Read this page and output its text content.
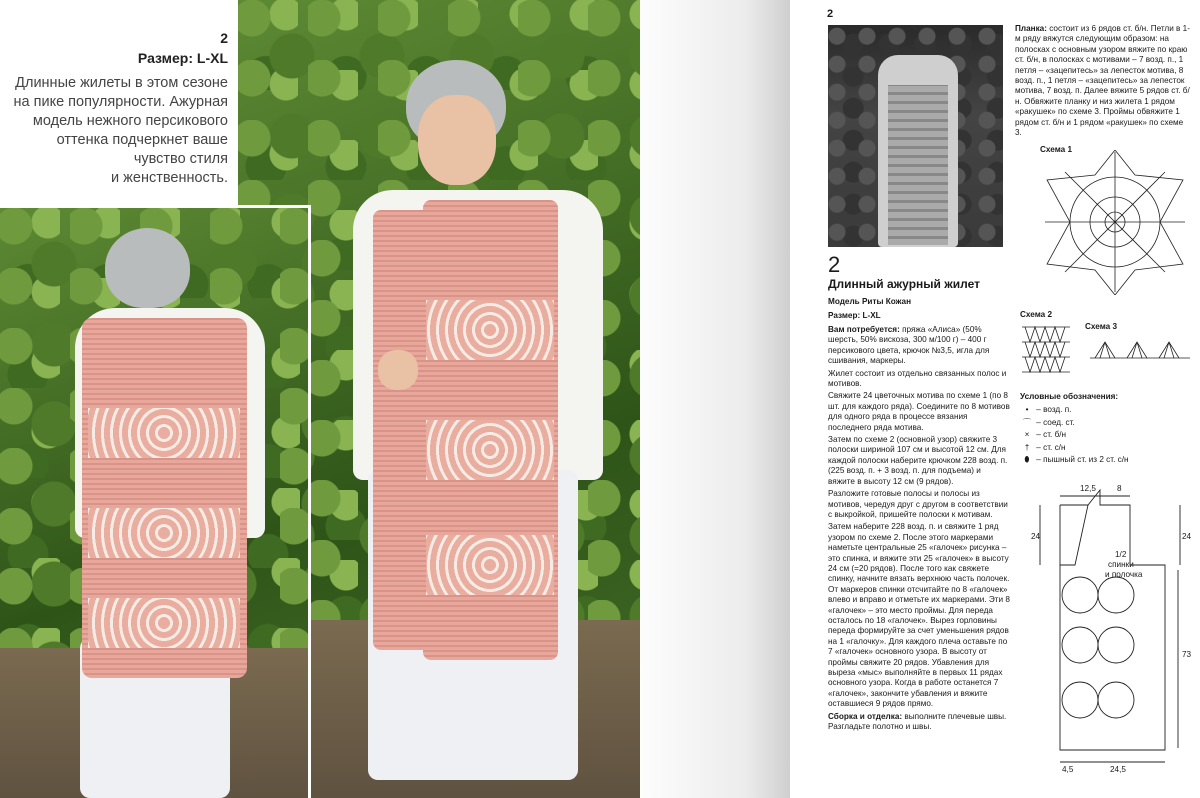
2
Размер: L-XL
Длинные жилеты в этом сезоне
на пике популярности. Ажурная
модель нежного персикового
оттенка подчеркнет ваше
чувство стиля
и женственность.
2
Планка: состоит из 6 рядов ст. б/н. Петли в 1-м ряду вяжутся следующим образом: на полосках с основным узором вяжите по краю ст. б/н, в полосках с мотивами – 7 возд. п., 1 петля – «зацепитесь» за лепесток мотива, 8 возд. п., 1 петля – «зацепитесь» за лепесток мотива, 7 возд. п. Далее вяжите 5 рядов ст. б/н. Обвяжите планку и низ жилета 1 рядом «ракушек» по схеме 3. Проймы обвяжите 1 рядом ст. б/н и 1 рядом «ракушек» по схеме 3.
Схема 1
Схема 2
Схема 3
2
Длинный ажурный жилет
Модель Риты Кожан
Размер: L-XL
Вам потребуется: пряжа «Алиса» (50% шерсть, 50% вискоза, 300 м/100 г) – 400 г персикового цвета, крючок №3,5, игла для сшивания, маркеры.
Жилет состоит из отдельно связанных полос и мотивов.
Свяжите 24 цветочных мотива по схеме 1 (по 8 шт. для каждого ряда). Соедините по 8 мотивов для одного ряда в процессе вязания последнего ряда мотива.
Затем по схеме 2 (основной узор) свяжите 3 полоски шириной 107 см и высотой 12 см. Для каждой полоски наберите крючком 228 возд. п. (225 возд. п. + 3 возд. п. для подъема) и вяжите в высоту 12 см (9 рядов).
Разложите готовые полосы и полосы из мотивов, чередуя друг с другом в соответствии с выкройкой, пришейте полоски к мотивам.
Затем наберите 228 возд. п. и свяжите 1 ряд узором по схеме 2. После этого маркерами наметьте центральные 25 «галочек» рисунка – это спинка, и вяжите эти 25 «галочек» в высоту 24 см (=20 рядов). После того как свяжете спинку, начните вязать верхнюю часть полочек. От маркеров спинки отсчитайте по 8 «галочек» влево и вправо и отметьте их маркерами. Эти 8 «галочек» – это место проймы. Для переда осталось по 18 «галочек». Вырез горловины переда формируйте за счет уменьшения рядов на 1 «галочку». Для каждого плеча оставьте по 7 «галочек» основного узора. В высоту от проймы свяжите 20 рядов. Убавления для выреза «мыс» выполняйте в первых 11 рядах основного узора. Когда в работе останется 7 «галочек», закончите убавления и вяжите оставшиеся 9 рядов прямо.
Сборка и отделка: выполните плечевые швы. Разгладьте полотно и швы.
Условные обозначения:
• – возд. п.
⌒ – соед. ст.
× – ст. б/н
† – ст. с/н
⬮ – пышный ст. из 2 ст. с/н
12,5	8
24	24
1/2
спинки
и полочка
73
4,5	24,5
